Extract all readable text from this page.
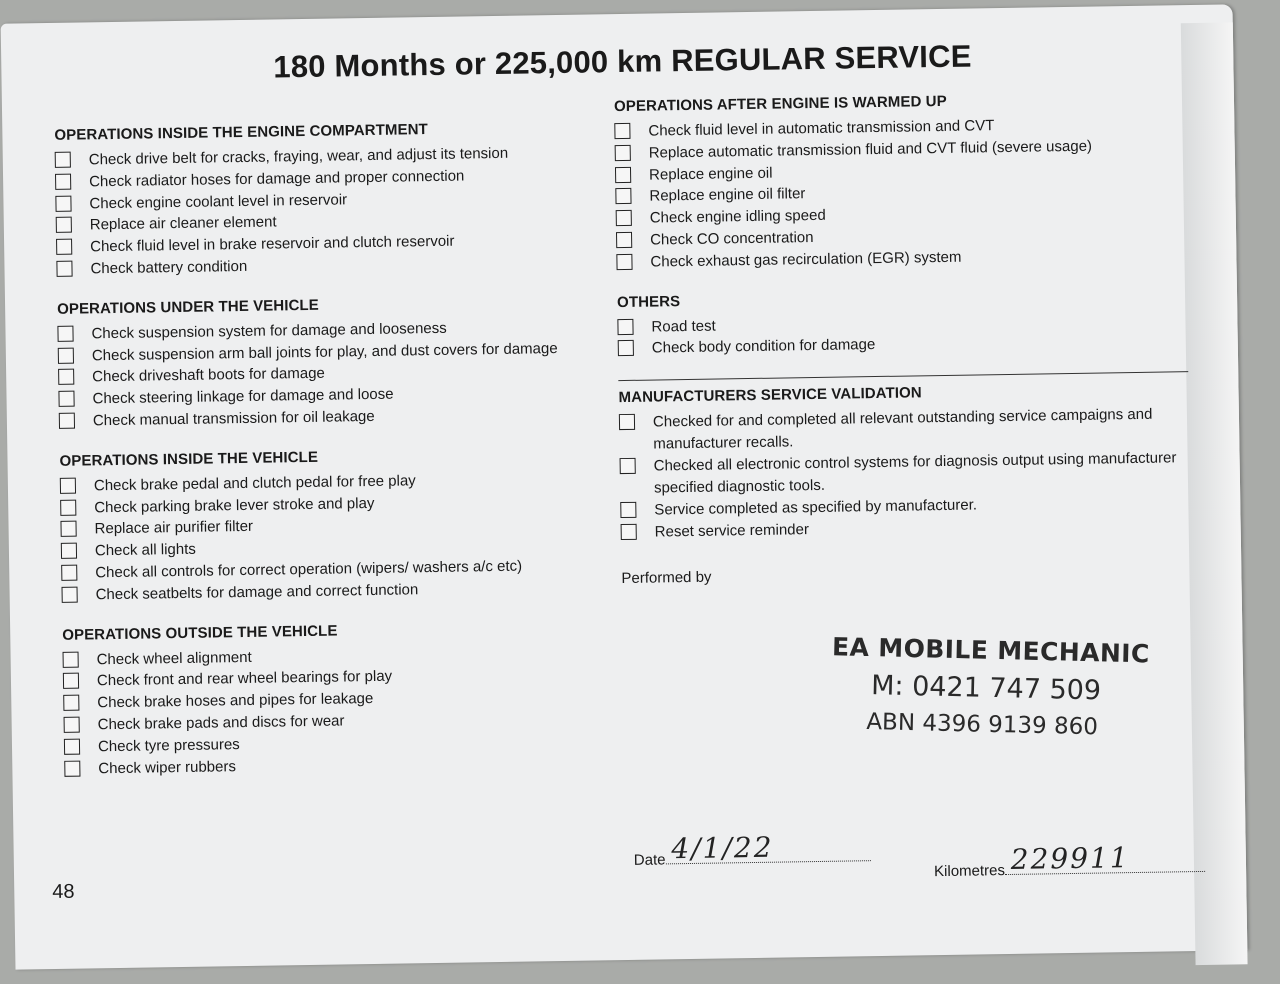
180 Months or 225,000 km REGULAR SERVICE
OPERATIONS INSIDE THE ENGINE COMPARTMENT
Check drive belt for cracks, fraying, wear, and adjust its tension
Check radiator hoses for damage and proper connection
Check engine coolant level in reservoir
Replace air cleaner element
Check fluid level in brake reservoir and clutch reservoir
Check battery condition
OPERATIONS UNDER THE VEHICLE
Check suspension system for damage and looseness
Check suspension arm ball joints for play, and dust covers for damage
Check driveshaft boots for damage
Check steering linkage for damage and loose
Check manual transmission for oil leakage
OPERATIONS INSIDE THE VEHICLE
Check brake pedal and clutch pedal for free play
Check parking brake lever stroke and play
Replace air purifier filter
Check all lights
Check all controls for correct operation (wipers/ washers a/c etc)
Check seatbelts for damage and correct function
OPERATIONS OUTSIDE THE VEHICLE
Check wheel alignment
Check front and rear wheel bearings for play
Check brake hoses and pipes for leakage
Check brake pads and discs for wear
Check tyre pressures
Check wiper rubbers
OPERATIONS AFTER ENGINE IS WARMED UP
Check fluid level in automatic transmission and CVT
Replace automatic transmission fluid and CVT fluid (severe usage)
Replace engine oil
Replace engine oil filter
Check engine idling speed
Check CO concentration
Check exhaust gas recirculation (EGR) system
OTHERS
Road test
Check body condition for damage
MANUFACTURERS SERVICE VALIDATION
Checked for and completed all relevant outstanding service campaigns and manufacturer recalls.
Checked all electronic control systems for diagnosis output using manufacturer specified diagnostic tools.
Service completed as specified by manufacturer.
Reset service reminder
Performed by
EA MOBILE MECHANIC
M: 0421 747 509
ABN 4396 9139 860
Date 4/1/22
Kilometres 229911
48
